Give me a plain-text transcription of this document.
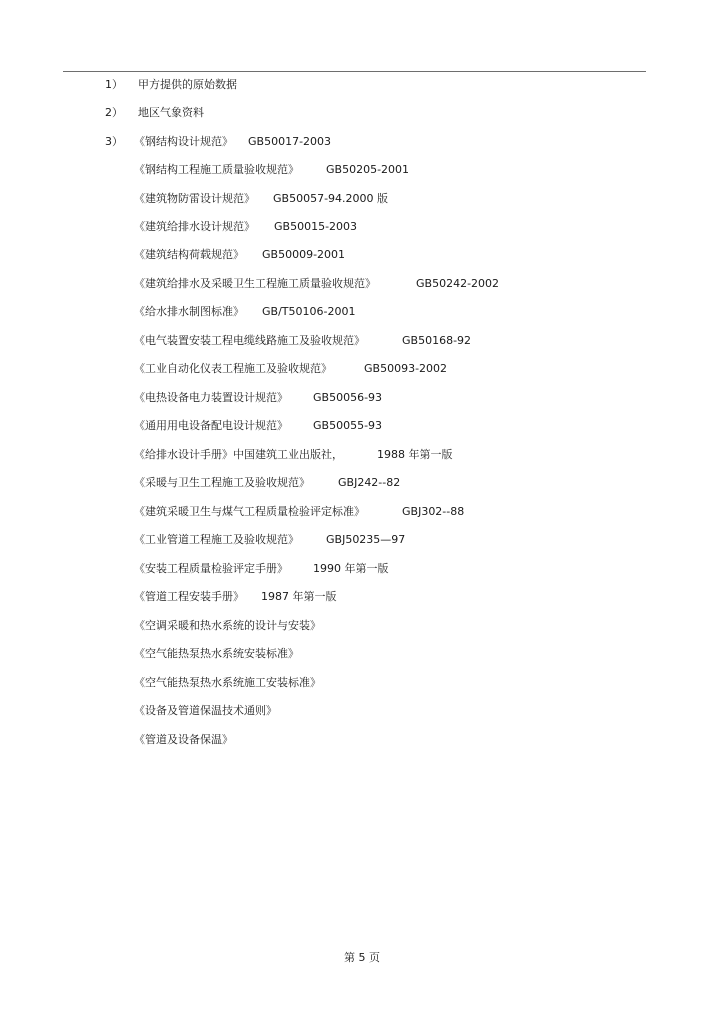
1）	甲方提供的原始数据
2）	地区气象资料
3）	《钢结构设计规范》 GB50017-2003
《钢结构工程施工质量验收规范》 GB50205-2001
《建筑物防雷设计规范》 GB50057-94.2000 版
《建筑给排水设计规范》 GB50015-2003
《建筑结构荷载规范》 GB50009-2001
《建筑给排水及采暖卫生工程施工质量验收规范》	GB50242-2002
《给水排水制图标准》 GB/T50106-2001
《电气装置安装工程电缆线路施工及验收规范》	GB50168-92
《工业自动化仪表工程施工及验收规范》	GB50093-2002
《电热设备电力装置设计规范》 GB50056-93
《通用用电设备配电设计规范》 GB50055-93
《给排水设计手册》中国建筑工业出版社，	1988 年第一版
《采暖与卫生工程施工及验收规范》	GBJ242--82
《建筑采暖卫生与煤气工程质量检验评定标准》	GBJ302--88
《工业管道工程施工及验收规范》 GBJ50235—97
《安装工程质量检验评定手册》 1990 年第一版
《管道工程安装手册》 1987 年第一版
《空调采暖和热水系统的设计与安装》
《空气能热泵热水系统安装标准》
《空气能热泵热水系统施工安装标准》
《设备及管道保温技术通则》
《管道及设备保温》
第 5 页
